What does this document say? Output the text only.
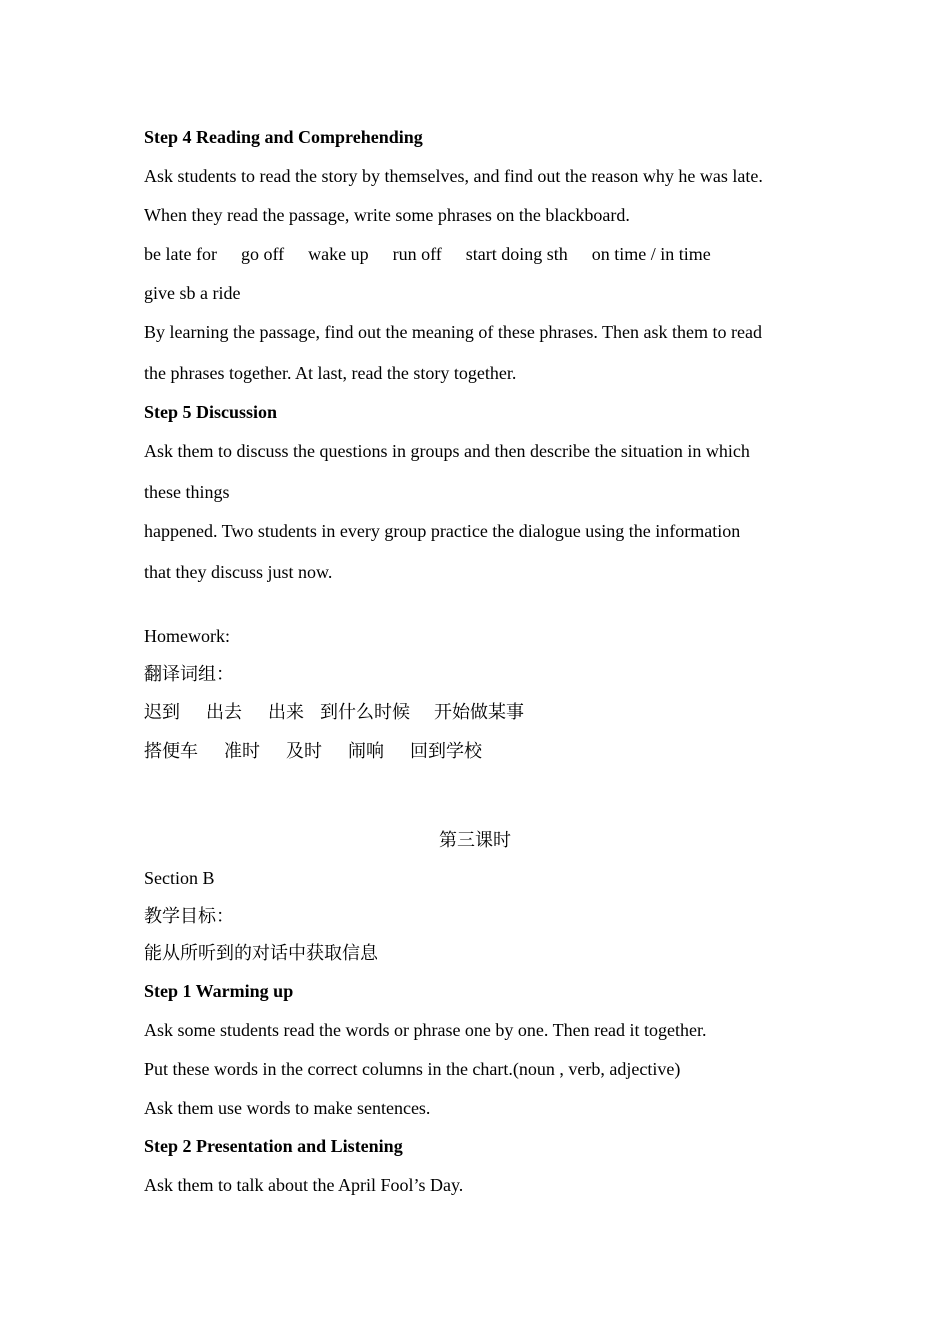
Step 4 Reading and Comprehending
Ask students to read the story by themselves, and find out the reason why he was late.
When they read the passage, write some phrases on the blackboard.
be late for go off wake up run off start doing sth on time / in time
give sb a ride
By learning the passage, find out the meaning of these phrases. Then ask them to read
the phrases together. At last, read the story together.
Step 5 Discussion
Ask them to discuss the questions in groups and then describe the situation in which
these things
happened. Two students in every group practice the dialogue using the information
that they discuss just now.
Homework:
翻译词组：
迟到 出去 出来 到什么时候 开始做某事
搭便车 准时 及时 闹响 回到学校
第三课时
Section B
教学目标：
能从所听到的对话中获取信息
Step 1 Warming up
Ask some students read the words or phrase one by one. Then read it together.
Put these words in the correct columns in the chart.(noun , verb, adjective)
Ask them use words to make sentences.
Step 2 Presentation and Listening
Ask them to talk about the April Fool’s Day.
